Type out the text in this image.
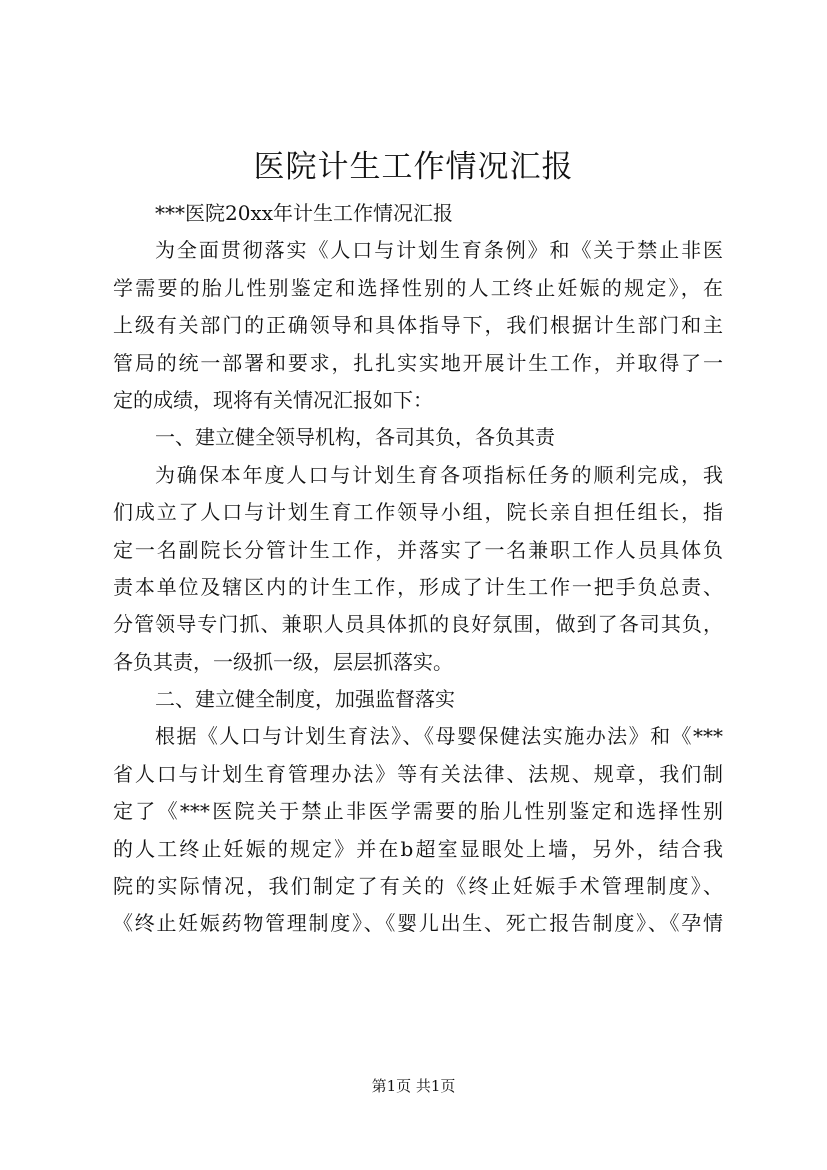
医院计生工作情况汇报
***医院20xx年计生工作情况汇报
为全面贯彻落实《人口与计划生育条例》和《关于禁止非医
学需要的胎儿性别鉴定和选择性别的人工终止妊娠的规定》，在
上级有关部门的正确领导和具体指导下，我们根据计生部门和主
管局的统一部署和要求，扎扎实实地开展计生工作，并取得了一
定的成绩，现将有关情况汇报如下：
一、建立健全领导机构，各司其负，各负其责
为确保本年度人口与计划生育各项指标任务的顺利完成，我
们成立了人口与计划生育工作领导小组，院长亲自担任组长，指
定一名副院长分管计生工作，并落实了一名兼职工作人员具体负
责本单位及辖区内的计生工作，形成了计生工作一把手负总责、
分管领导专门抓、兼职人员具体抓的良好氛围，做到了各司其负，
各负其责，一级抓一级，层层抓落实。
二、建立健全制度，加强监督落实
根据《人口与计划生育法》、《母婴保健法实施办法》和《***
省人口与计划生育管理办法》等有关法律、法规、规章，我们制
定了《***医院关于禁止非医学需要的胎儿性别鉴定和选择性别
的人工终止妊娠的规定》并在b超室显眼处上墙，另外，结合我
院的实际情况，我们制定了有关的《终止妊娠手术管理制度》、
《终止妊娠药物管理制度》、《婴儿出生、死亡报告制度》、《孕情
第1页 共1页
